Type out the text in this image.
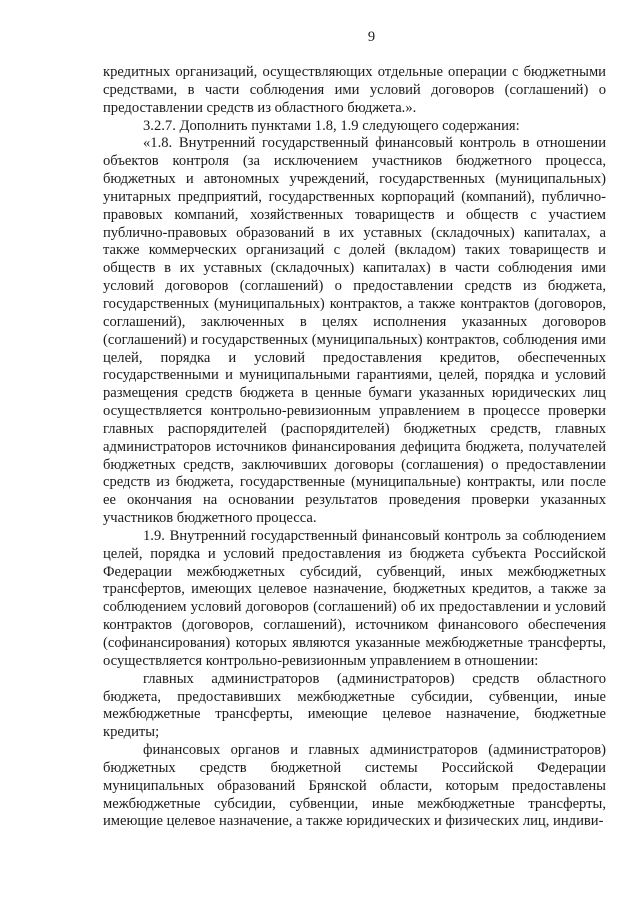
9

кредитных организаций, осуществляющих отдельные операции с бюджетными средствами, в части соблюдения ими условий договоров (соглашений) о предоставлении средств из областного бюджета.».

3.2.7. Дополнить пунктами 1.8, 1.9 следующего содержания:

«1.8. Внутренний государственный финансовый контроль в отношении объектов контроля (за исключением участников бюджетного процесса, бюджетных и автономных учреждений, государственных (муниципальных) унитарных предприятий, государственных корпораций (компаний), публично-правовых компаний, хозяйственных товариществ и обществ с участием публично-правовых образований в их уставных (складочных) капиталах, а также коммерческих организаций с долей (вкладом) таких товариществ и обществ в их уставных (складочных) капиталах) в части соблюдения ими условий договоров (соглашений) о предоставлении средств из бюджета, государственных (муниципальных) контрактов, а также контрактов (договоров, соглашений), заключенных в целях исполнения указанных договоров (соглашений) и государственных (муниципальных) контрактов, соблюдения ими целей, порядка и условий предоставления кредитов, обеспеченных государственными и муниципальными гарантиями, целей, порядка и условий размещения средств бюджета в ценные бумаги указанных юридических лиц осуществляется контрольно-ревизионным управлением в процессе проверки главных распорядителей (распорядителей) бюджетных средств, главных администраторов источников финансирования дефицита бюджета, получателей бюджетных средств, заключивших договоры (соглашения) о предоставлении средств из бюджета, государственные (муниципальные) контракты, или после ее окончания на основании результатов проведения проверки указанных участников бюджетного процесса.

1.9. Внутренний государственный финансовый контроль за соблюдением целей, порядка и условий предоставления из бюджета субъекта Российской Федерации межбюджетных субсидий, субвенций, иных межбюджетных трансфертов, имеющих целевое назначение, бюджетных кредитов, а также за соблюдением условий договоров (соглашений) об их предоставлении и условий контрактов (договоров, соглашений), источником финансового обеспечения (софинансирования) которых являются указанные межбюджетные трансферты, осуществляется контрольно-ревизионным управлением в отношении:

главных администраторов (администраторов) средств областного бюджета, предоставивших межбюджетные субсидии, субвенции, иные межбюджетные трансферты, имеющие целевое назначение, бюджетные кредиты;

финансовых органов и главных администраторов (администраторов) бюджетных средств бюджетной системы Российской Федерации муниципальных образований Брянской области, которым предоставлены межбюджетные субсидии, субвенции, иные межбюджетные трансферты, имеющие целевое назначение, а также юридических и физических лиц, индиви-
